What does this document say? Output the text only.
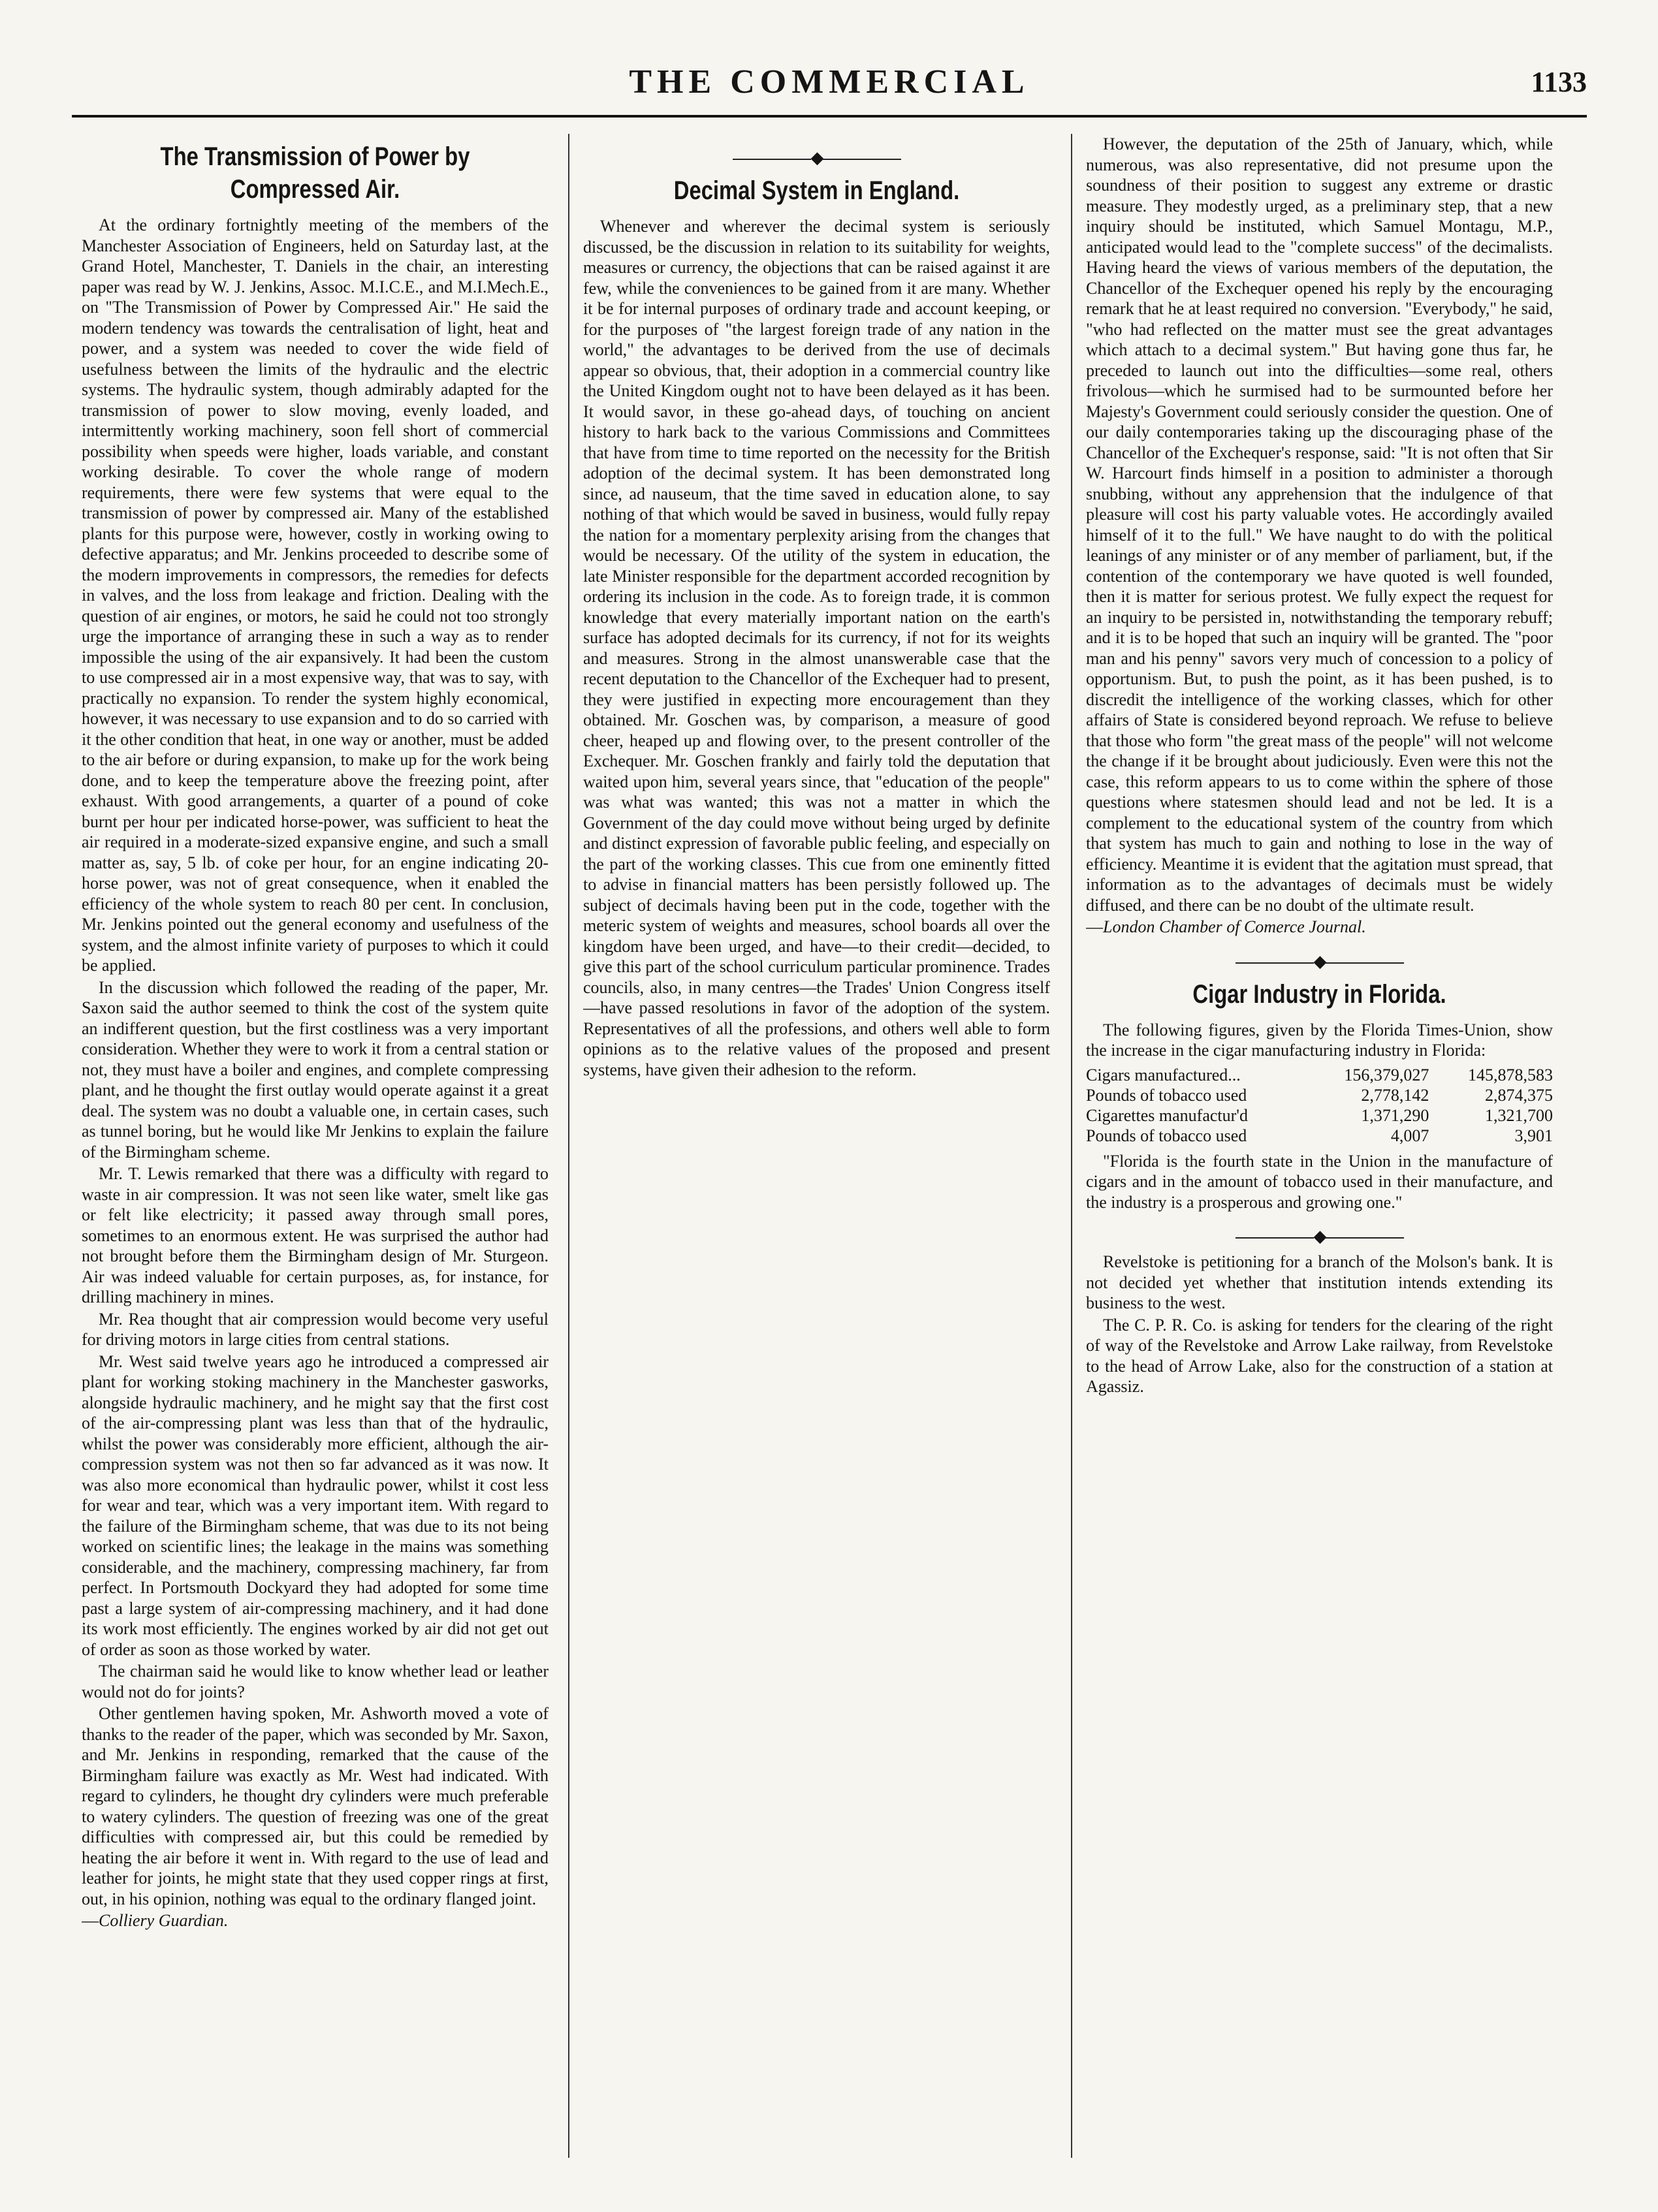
THE COMMERCIAL	1133
The Transmission of Power by Compressed Air.

At the ordinary fortnightly meeting of the members of the Manchester Association of Engineers, held on Saturday last, at the Grand Hotel, Manchester, T. Daniels in the chair, an interesting paper was read by W. J. Jenkins, Assoc. M.I.C.E., and M.I.Mech.E., on "The Transmission of Power by Compressed Air." He said the modern tendency was towards the centralisation of light, heat and power, and a system was needed to cover the wide field of usefulness between the limits of the hydraulic and the electric systems. The hydraulic system, though admirably adapted for the transmission of power to slow moving, evenly loaded, and intermittently working machinery, soon fell short of commercial possibility when speeds were higher, loads variable, and constant working desirable. To cover the whole range of modern requirements, there were few systems that were equal to the transmission of power by compressed air. Many of the established plants for this purpose were, however, costly in working owing to defective apparatus; and Mr. Jenkins proceeded to describe some of the modern improvements in compressors, the remedies for defects in valves, and the loss from leakage and friction. Dealing with the question of air engines, or motors, he said he could not too strongly urge the importance of arranging these in such a way as to render impossible the using of the air expansively. It had been the custom to use compressed air in a most expensive way, that was to say, with practically no expansion. To render the system highly economical, however, it was necessary to use expansion and to do so carried with it the other condition that heat, in one way or another, must be added to the air before or during expansion, to make up for the work being done, and to keep the temperature above the freezing point, after exhaust. With good arrangements, a quarter of a pound of coke burnt per hour per indicated horse-power, was sufficient to heat the air required in a moderate-sized expansive engine, and such a small matter as, say, 5 lb. of coke per hour, for an engine indicating 20-horse power, was not of great consequence, when it enabled the efficiency of the whole system to reach 80 per cent. In conclusion, Mr. Jenkins pointed out the general economy and usefulness of the system, and the almost infinite variety of purposes to which it could be applied.

In the discussion which followed the reading of the paper, Mr. Saxon said the author seemed to think the cost of the system quite an indifferent question, but the first costliness was a very important consideration. Whether they were to work it from a central station or not, they must have a boiler and engines, and complete compressing plant, and he thought the first outlay would operate against it a great deal. The system was no doubt a valuable one, in certain cases, such as tunnel boring, but he would like Mr Jenkins to explain the failure of the Birmingham scheme.

Mr. T. Lewis remarked that there was a difficulty with regard to waste in air compression. It was not seen like water, smelt like gas or felt like electricity; it passed away through small pores, sometimes to an enormous extent. He was surprised the author had not brought before them the Birmingham design of Mr. Sturgeon. Air was indeed valuable for certain purposes, as, for instance, for drilling machinery in mines.

Mr. Rea thought that air compression would become very useful for driving motors in large cities from central stations.

Mr. West said twelve years ago he introduced a compressed air plant for working stoking machinery in the Manchester gasworks, alongside hydraulic machinery, and he might say that the first cost of the air-compressing plant was less than that of the hydraulic, whilst the power was considerably more efficient, although the air-compression system was not then so far advanced as it was now. It was also more economical than hydraulic power, whilst it cost less for wear and tear, which was a very important item. With regard to the failure of the Birmingham scheme, that was due to its not being worked on scientific lines; the leakage in the mains was something considerable, and the machinery, compressing machinery, far from perfect. In Portsmouth Dockyard they had adopted for some time past a large system of air-compressing machinery, and it had done its work most efficiently. The engines worked by air did not get out of order as soon as those worked by water.

The chairman said he would like to know whether lead or leather would not do for joints?

Other gentlemen having spoken, Mr. Ashworth moved a vote of thanks to the reader of the paper, which was seconded by Mr. Saxon, and Mr. Jenkins in responding, remarked that the cause of the Birmingham failure was exactly as Mr. West had indicated. With regard to cylinders, he thought dry cylinders were much preferable to watery cylinders. The question of freezing was one of the great difficulties with compressed air, but this could be remedied by heating the air before it went in. With regard to the use of lead and leather for joints, he might state that they used copper rings at first, out, in his opinion, nothing was equal to the ordinary flanged joint.

—Colliery Guardian.

◆
Decimal System in England.

Whenever and wherever the decimal system is seriously discussed, be the discussion in relation to its suitability for weights, measures or currency, the objections that can be raised against it are few, while the conveniences to be gained from it are many. Whether it be for internal purposes of ordinary trade and account keeping, or for the purposes of "the largest foreign trade of any nation in the world," the advantages to be derived from the use of decimals appear so obvious, that, their adoption in a commercial country like the United Kingdom ought not to have been delayed as it has been. It would savor, in these go-ahead days, of touching on ancient history to hark back to the various Commissions and Committees that have from time to time reported on the necessity for the British adoption of the decimal system. It has been demonstrated long since, ad nauseum, that the time saved in education alone, to say nothing of that which would be saved in business, would fully repay the nation for a momentary perplexity arising from the changes that would be necessary. Of the utility of the system in education, the late Minister responsible for the department accorded recognition by ordering its inclusion in the code. As to foreign trade, it is common knowledge that every materially important nation on the earth's surface has adopted decimals for its currency, if not for its weights and measures. Strong in the almost unanswerable case that the recent deputation to the Chancellor of the Exchequer had to present, they were justified in expecting more encouragement than they obtained. Mr. Goschen was, by comparison, a measure of good cheer, heaped up and flowing over, to the present controller of the Exchequer. Mr. Goschen frankly and fairly told the deputation that waited upon him, several years since, that "education of the people" was what was wanted; this was not a matter in which the Government of the day could move without being urged by definite and distinct expression of favorable public feeling, and especially on the part of the working classes. This cue from one eminently fitted to advise in financial matters has been persistly followed up. The subject of decimals having been put in the code, together with the meteric system of weights and measures, school boards all over the kingdom have been urged, and have—to their credit—decided, to give this part of the school curriculum particular prominence. Trades councils, also, in many centres—the Trades' Union Congress itself—have passed resolutions in favor of the adoption of the system. Representatives of all the professions, and others well able to form opinions as to the relative values of the proposed and present systems, have given their adhesion to the reform.

However, the deputation of the 25th of January, which, while numerous, was also representative, did not presume upon the soundness of their position to suggest any extreme or drastic measure. They modestly urged, as a preliminary step, that a new inquiry should be instituted, which Samuel Montagu, M.P., anticipated would lead to the "complete success" of the decimalists. Having heard the views of various members of the deputation, the Chancellor of the Exchequer opened his reply by the encouraging remark that he at least required no conversion. "Everybody," he said, "who had reflected on the matter must see the great advantages which attach to a decimal system." But having gone thus far, he preceded to launch out into the difficulties—some real, others frivolous—which he surmised had to be surmounted before her Majesty's Government could seriously consider the question. One of our daily contemporaries taking up the discouraging phase of the Chancellor of the Exchequer's response, said: "It is not often that Sir W. Harcourt finds himself in a position to administer a thorough snubbing, without any apprehension that the indulgence of that pleasure will cost his party valuable votes. He accordingly availed himself of it to the full." We have naught to do with the political leanings of any minister or of any member of parliament, but, if the contention of the contemporary we have quoted is well founded, then it is matter for serious protest. We fully expect the request for an inquiry to be persisted in, notwithstanding the temporary rebuff; and it is to be hoped that such an inquiry will be granted. The "poor man and his penny" savors very much of concession to a policy of opportunism. But, to push the point, as it has been pushed, is to discredit the intelligence of the working classes, which for other affairs of State is considered beyond reproach. We refuse to believe that those who form "the great mass of the people" will not welcome the change if it be brought about judiciously. Even were this not the case, this reform appears to us to come within the sphere of those questions where statesmen should lead and not be led. It is a complement to the educational system of the country from which that system has much to gain and nothing to lose in the way of efficiency. Meantime it is evident that the agitation must spread, that information as to the advantages of decimals must be widely diffused, and there can be no doubt of the ultimate result.

—London Chamber of Comerce Journal.

◆
Cigar Industry in Florida.

The following figures, given by the Florida Times-Union, show the increase in the cigar manufacturing industry in Florida:

Cigars manufactured...	156,379,027	145,878,583
Pounds of tobacco used	2,778,142	2,874,375
Cigarettes manufactur'd	1,371,290	1,321,700
Pounds of tobacco used	4,007	3,901

"Florida is the fourth state in the Union in the manufacture of cigars and in the amount of tobacco used in their manufacture, and the industry is a prosperous and growing one."

◆

Revelstoke is petitioning for a branch of the Molson's bank. It is not decided yet whether that institution intends extending its business to the west.

The C. P. R. Co. is asking for tenders for the clearing of the right of way of the Revelstoke and Arrow Lake railway, from Revelstoke to the head of Arrow Lake, also for the construction of a station at Agassiz.
